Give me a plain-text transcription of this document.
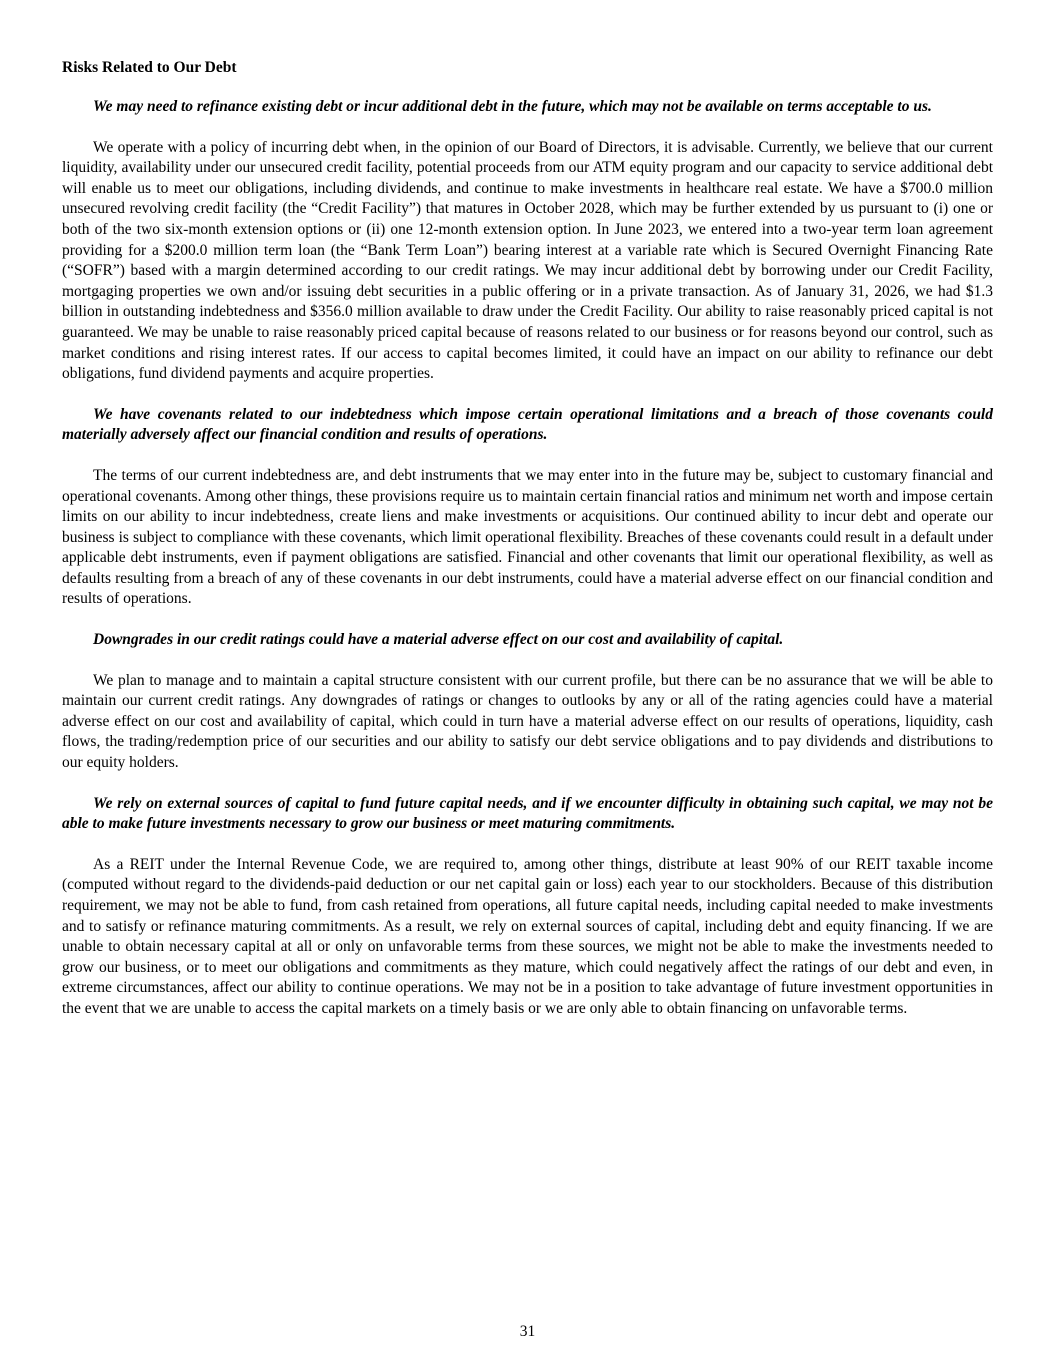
Risks Related to Our Debt

We may need to refinance existing debt or incur additional debt in the future, which may not be available on terms acceptable to us.

We operate with a policy of incurring debt when, in the opinion of our Board of Directors, it is advisable. Currently, we believe that our current liquidity, availability under our unsecured credit facility, potential proceeds from our ATM equity program and our capacity to service additional debt will enable us to meet our obligations, including dividends, and continue to make investments in healthcare real estate. We have a $700.0 million unsecured revolving credit facility (the “Credit Facility”) that matures in October 2028, which may be further extended by us pursuant to (i) one or both of the two six-month extension options or (ii) one 12-month extension option. In June 2023, we entered into a two-year term loan agreement providing for a $200.0 million term loan (the “Bank Term Loan”) bearing interest at a variable rate which is Secured Overnight Financing Rate (“SOFR”) based with a margin determined according to our credit ratings. We may incur additional debt by borrowing under our Credit Facility, mortgaging properties we own and/or issuing debt securities in a public offering or in a private transaction. As of January 31, 2026, we had $1.3 billion in outstanding indebtedness and $356.0 million available to draw under the Credit Facility. Our ability to raise reasonably priced capital is not guaranteed. We may be unable to raise reasonably priced capital because of reasons related to our business or for reasons beyond our control, such as market conditions and rising interest rates. If our access to capital becomes limited, it could have an impact on our ability to refinance our debt obligations, fund dividend payments and acquire properties.

We have covenants related to our indebtedness which impose certain operational limitations and a breach of those covenants could materially adversely affect our financial condition and results of operations.

The terms of our current indebtedness are, and debt instruments that we may enter into in the future may be, subject to customary financial and operational covenants. Among other things, these provisions require us to maintain certain financial ratios and minimum net worth and impose certain limits on our ability to incur indebtedness, create liens and make investments or acquisitions. Our continued ability to incur debt and operate our business is subject to compliance with these covenants, which limit operational flexibility. Breaches of these covenants could result in a default under applicable debt instruments, even if payment obligations are satisfied. Financial and other covenants that limit our operational flexibility, as well as defaults resulting from a breach of any of these covenants in our debt instruments, could have a material adverse effect on our financial condition and results of operations.

Downgrades in our credit ratings could have a material adverse effect on our cost and availability of capital.

We plan to manage and to maintain a capital structure consistent with our current profile, but there can be no assurance that we will be able to maintain our current credit ratings. Any downgrades of ratings or changes to outlooks by any or all of the rating agencies could have a material adverse effect on our cost and availability of capital, which could in turn have a material adverse effect on our results of operations, liquidity, cash flows, the trading/redemption price of our securities and our ability to satisfy our debt service obligations and to pay dividends and distributions to our equity holders.

We rely on external sources of capital to fund future capital needs, and if we encounter difficulty in obtaining such capital, we may not be able to make future investments necessary to grow our business or meet maturing commitments.

As a REIT under the Internal Revenue Code, we are required to, among other things, distribute at least 90% of our REIT taxable income (computed without regard to the dividends-paid deduction or our net capital gain or loss) each year to our stockholders. Because of this distribution requirement, we may not be able to fund, from cash retained from operations, all future capital needs, including capital needed to make investments and to satisfy or refinance maturing commitments. As a result, we rely on external sources of capital, including debt and equity financing. If we are unable to obtain necessary capital at all or only on unfavorable terms from these sources, we might not be able to make the investments needed to grow our business, or to meet our obligations and commitments as they mature, which could negatively affect the ratings of our debt and even, in extreme circumstances, affect our ability to continue operations. We may not be in a position to take advantage of future investment opportunities in the event that we are unable to access the capital markets on a timely basis or we are only able to obtain financing on unfavorable terms.

31
